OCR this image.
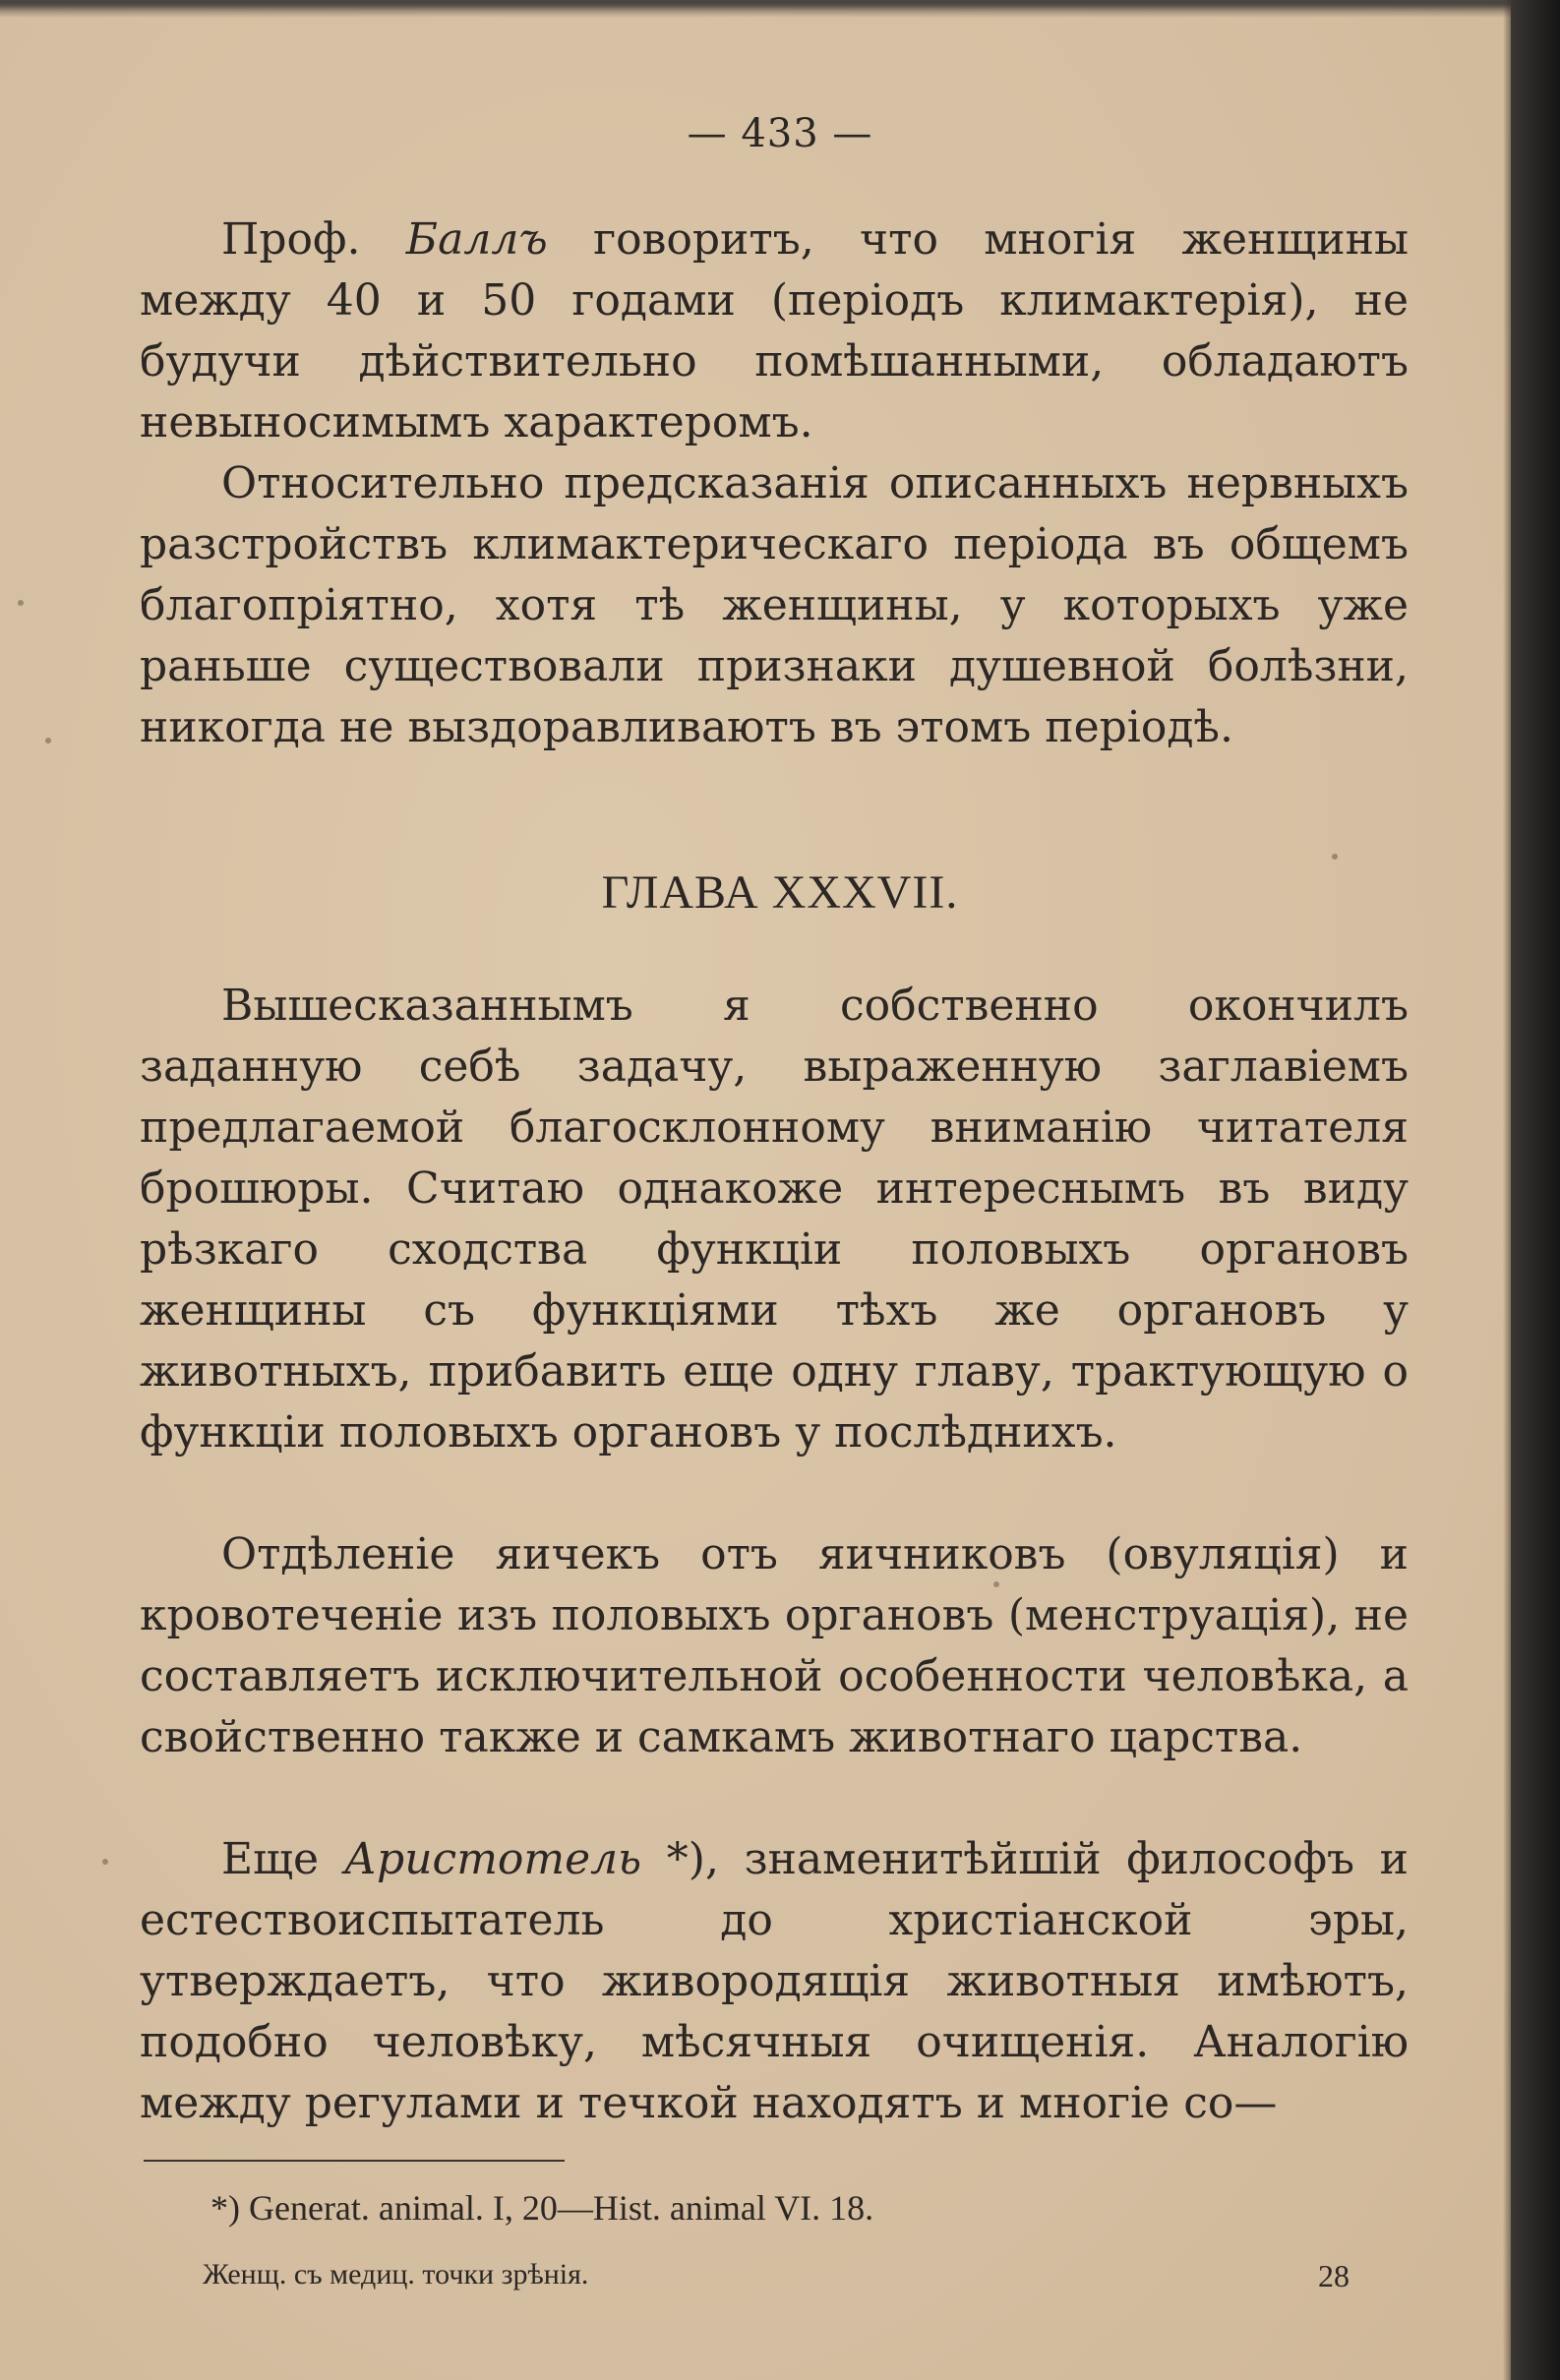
— 433 —

Проф. Баллъ говоритъ, что многія женщины между 40 и 50 годами (періодъ климактерія), не будучи дѣйствительно помѣшанными, обладаютъ невыносимымъ характеромъ.

Относительно предсказанія описанныхъ нервныхъ разстройствъ климактерическаго періода въ общемъ благопріятно, хотя тѣ женщины, у которыхъ уже раньше существовали признаки душевной болѣзни, никогда не выздоравливаютъ въ этомъ періодѣ.

ГЛАВА XXXVII.

Вышесказаннымъ я собственно окончилъ заданную себѣ задачу, выраженную заглавіемъ предлагаемой благосклонному вниманію читателя брошюры. Считаю однакоже интереснымъ въ виду рѣзкаго сходства функціи половыхъ органовъ женщины съ функціями тѣхъ же органовъ у животныхъ, прибавить еще одну главу, трактующую о функціи половыхъ органовъ у послѣднихъ.

Отдѣленіе яичекъ отъ яичниковъ (овуляція) и кровотеченіе изъ половыхъ органовъ (менструація), не составляетъ исключительной особенности человѣка, а свойственно также и самкамъ животнаго царства.

Еще Аристотель *), знаменитѣйшій философъ и естествоиспытатель до христіанской эры, утверждаетъ, что живородящія животныя имѣютъ, подобно человѣку, мѣсячныя очищенія. Аналогію между регулами и течкой находятъ и многіе со—

*) Generat. animal. I, 20—Hist. animal VI. 18.
Женщ. съ медиц. точки зрѣнія.	28
